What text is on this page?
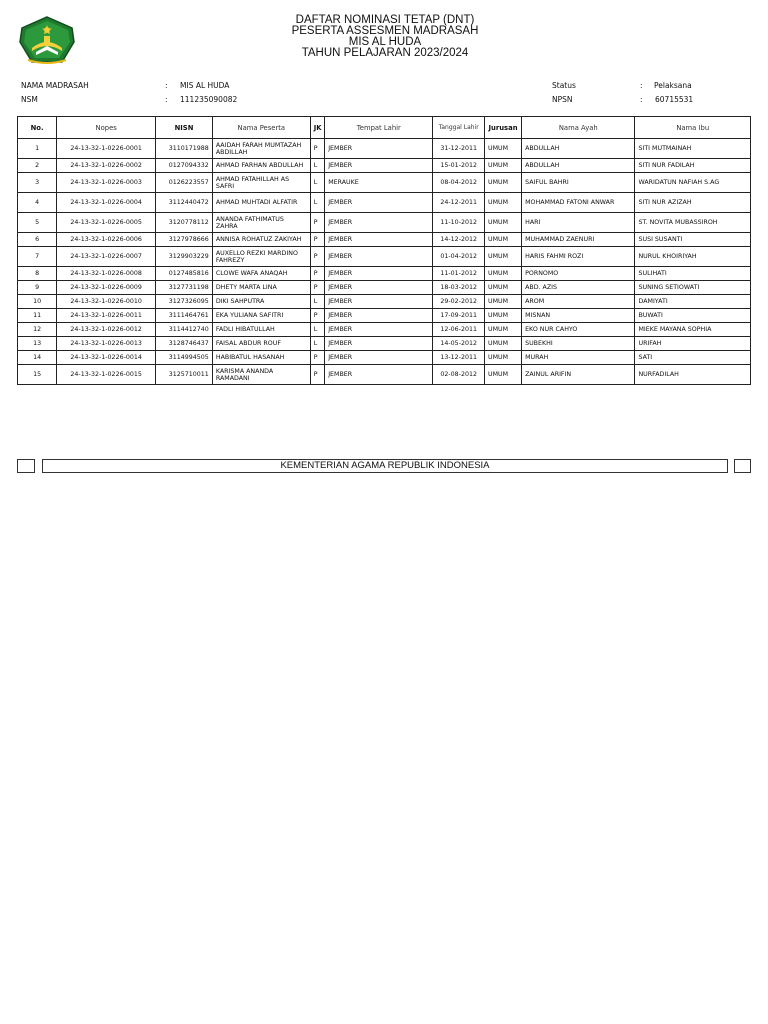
DAFTAR NOMINASI TETAP (DNT)
PESERTA ASSESMEN MADRASAH
MIS AL HUDA
TAHUN PELAJARAN 2023/2024
NAMA MADRASAH	: MIS AL HUDA
NSM	: 111235090082
Status	: Pelaksana
NPSN	: 60715531
No.	Nopes	NISN	Nama Peserta	JK	Tempat Lahir	Tanggal Lahir	Jurusan	Nama Ayah	Nama Ibu
1	24-13-32-1-0226-0001	3110171988	AAIDAH FARAH MUMTAZAH ABDILLAH	P	JEMBER	31-12-2011	UMUM	ABDULLAH	SITI MUTMAINAH
2	24-13-32-1-0226-0002	0127094332	AHMAD FARHAN ABDULLAH	L	JEMBER	15-01-2012	UMUM	ABDULLAH	SITI NUR FADILAH
3	24-13-32-1-0226-0003	0126223557	AHMAD FATAHILLAH AS SAFRI	L	MERAUKE	08-04-2012	UMUM	SAIFUL BAHRI	WARIDATUN NAFIAH S.AG
4	24-13-32-1-0226-0004	3112440472	AHMAD MUHTADI ALFATIR	L	JEMBER	24-12-2011	UMUM	MOHAMMAD FATONI ANWAR	SITI NUR AZIZAH
5	24-13-32-1-0226-0005	3120778112	ANANDA FATHIMATUS ZAHRA	P	JEMBER	11-10-2012	UMUM	HARI	ST. NOVITA MUBASSIROH
6	24-13-32-1-0226-0006	3127978666	ANNISA ROHATUZ ZAKIYAH	P	JEMBER	14-12-2012	UMUM	MUHAMMAD ZAENURI	SUSI SUSANTI
7	24-13-32-1-0226-0007	3129903229	AUXELLO REZKI MARDINO FAHREZY	P	JEMBER	01-04-2012	UMUM	HARIS FAHMI ROZI	NURUL KHOIRIYAH
8	24-13-32-1-0226-0008	0127485816	CLOWE WAFA ANAQAH	P	JEMBER	11-01-2012	UMUM	PORNOMO	SULIHATI
9	24-13-32-1-0226-0009	3127731198	DHETY MARTA LINA	P	JEMBER	18-03-2012	UMUM	ABD. AZIS	SUNING SETIOWATI
10	24-13-32-1-0226-0010	3127326095	DIKI SAHPUTRA	L	JEMBER	29-02-2012	UMUM	AROM	DAMIYATI
11	24-13-32-1-0226-0011	3111464761	EKA YULIANA SAFITRI	P	JEMBER	17-09-2011	UMUM	MISNAN	BUWATI
12	24-13-32-1-0226-0012	3114412740	FADLI HIBATULLAH	L	JEMBER	12-06-2011	UMUM	EKO NUR CAHYO	MIEKE MAYANA SOPHIA
13	24-13-32-1-0226-0013	3128746437	FAISAL ABDUR ROUF	L	JEMBER	14-05-2012	UMUM	SUBEKHI	URIFAH
14	24-13-32-1-0226-0014	3114994505	HABIBATUL HASANAH	P	JEMBER	13-12-2011	UMUM	MURAH	SATI
15	24-13-32-1-0226-0015	3125710011	KARISMA ANANDA RAMADANI	P	JEMBER	02-08-2012	UMUM	ZAINUL ARIFIN	NURFADILAH
KEMENTERIAN AGAMA REPUBLIK INDONESIA
